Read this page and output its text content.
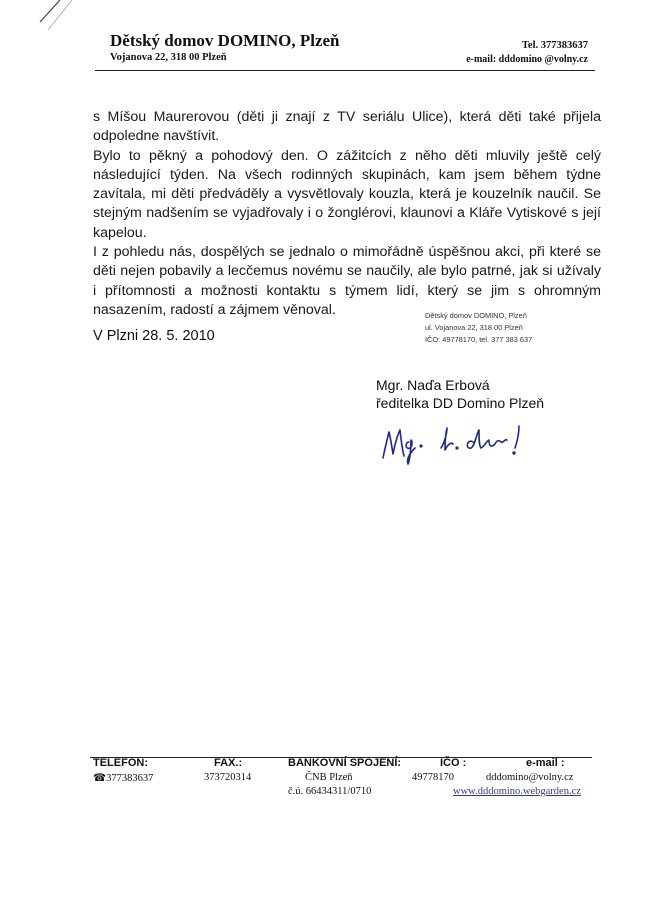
Dětský domov DOMINO, Plzeň
Vojanova 22, 318 00 Plzeň
Tel. 377383637
e-mail: dddomino @volny.cz

s Míšou Maurerovou (děti ji znají z TV seriálu Ulice), která děti také přijela odpoledne navštívit.

Bylo to pěkný a pohodový den. O zážitcích z něho děti mluvily ještě celý následující týden. Na všech rodinných skupinách, kam jsem během týdne zavítala, mi děti předváděly a vysvětlovaly kouzla, která je kouzelník naučil. Se stejným nadšením se vyjadřovaly i o žonglérovi, klaunovi a Kláře Vytiskové s její kapelou.

I z pohledu nás, dospělých se jednalo o mimořádně úspěšnou akci, při které se děti nejen pobavily a lecčemus novému se naučily, ale bylo patrné, jak si užívaly i přítomnosti a možnosti kontaktu s týmem lidí, který se jim s ohromným nasazením, radostí a zájmem věnoval.

V Plzni 28. 5. 2010
Dětský domov DOMINO, Plzeň
ul. Vojanova 22, 318 00 Plzeň
IČO: 49778170, tel. 377 383 637
Mgr. Naďa Erbová
ředitelka DD Domino Plzeň
TELEFON:
☎377383637
FAX.:
373720314
BANKOVNÍ SPOJENÍ:
ČNB Plzeň
č.ú. 66434311/0710
IČO :
49778170
e-mail :
dddomino@volny.cz
www.dddomino.webgarden.cz
